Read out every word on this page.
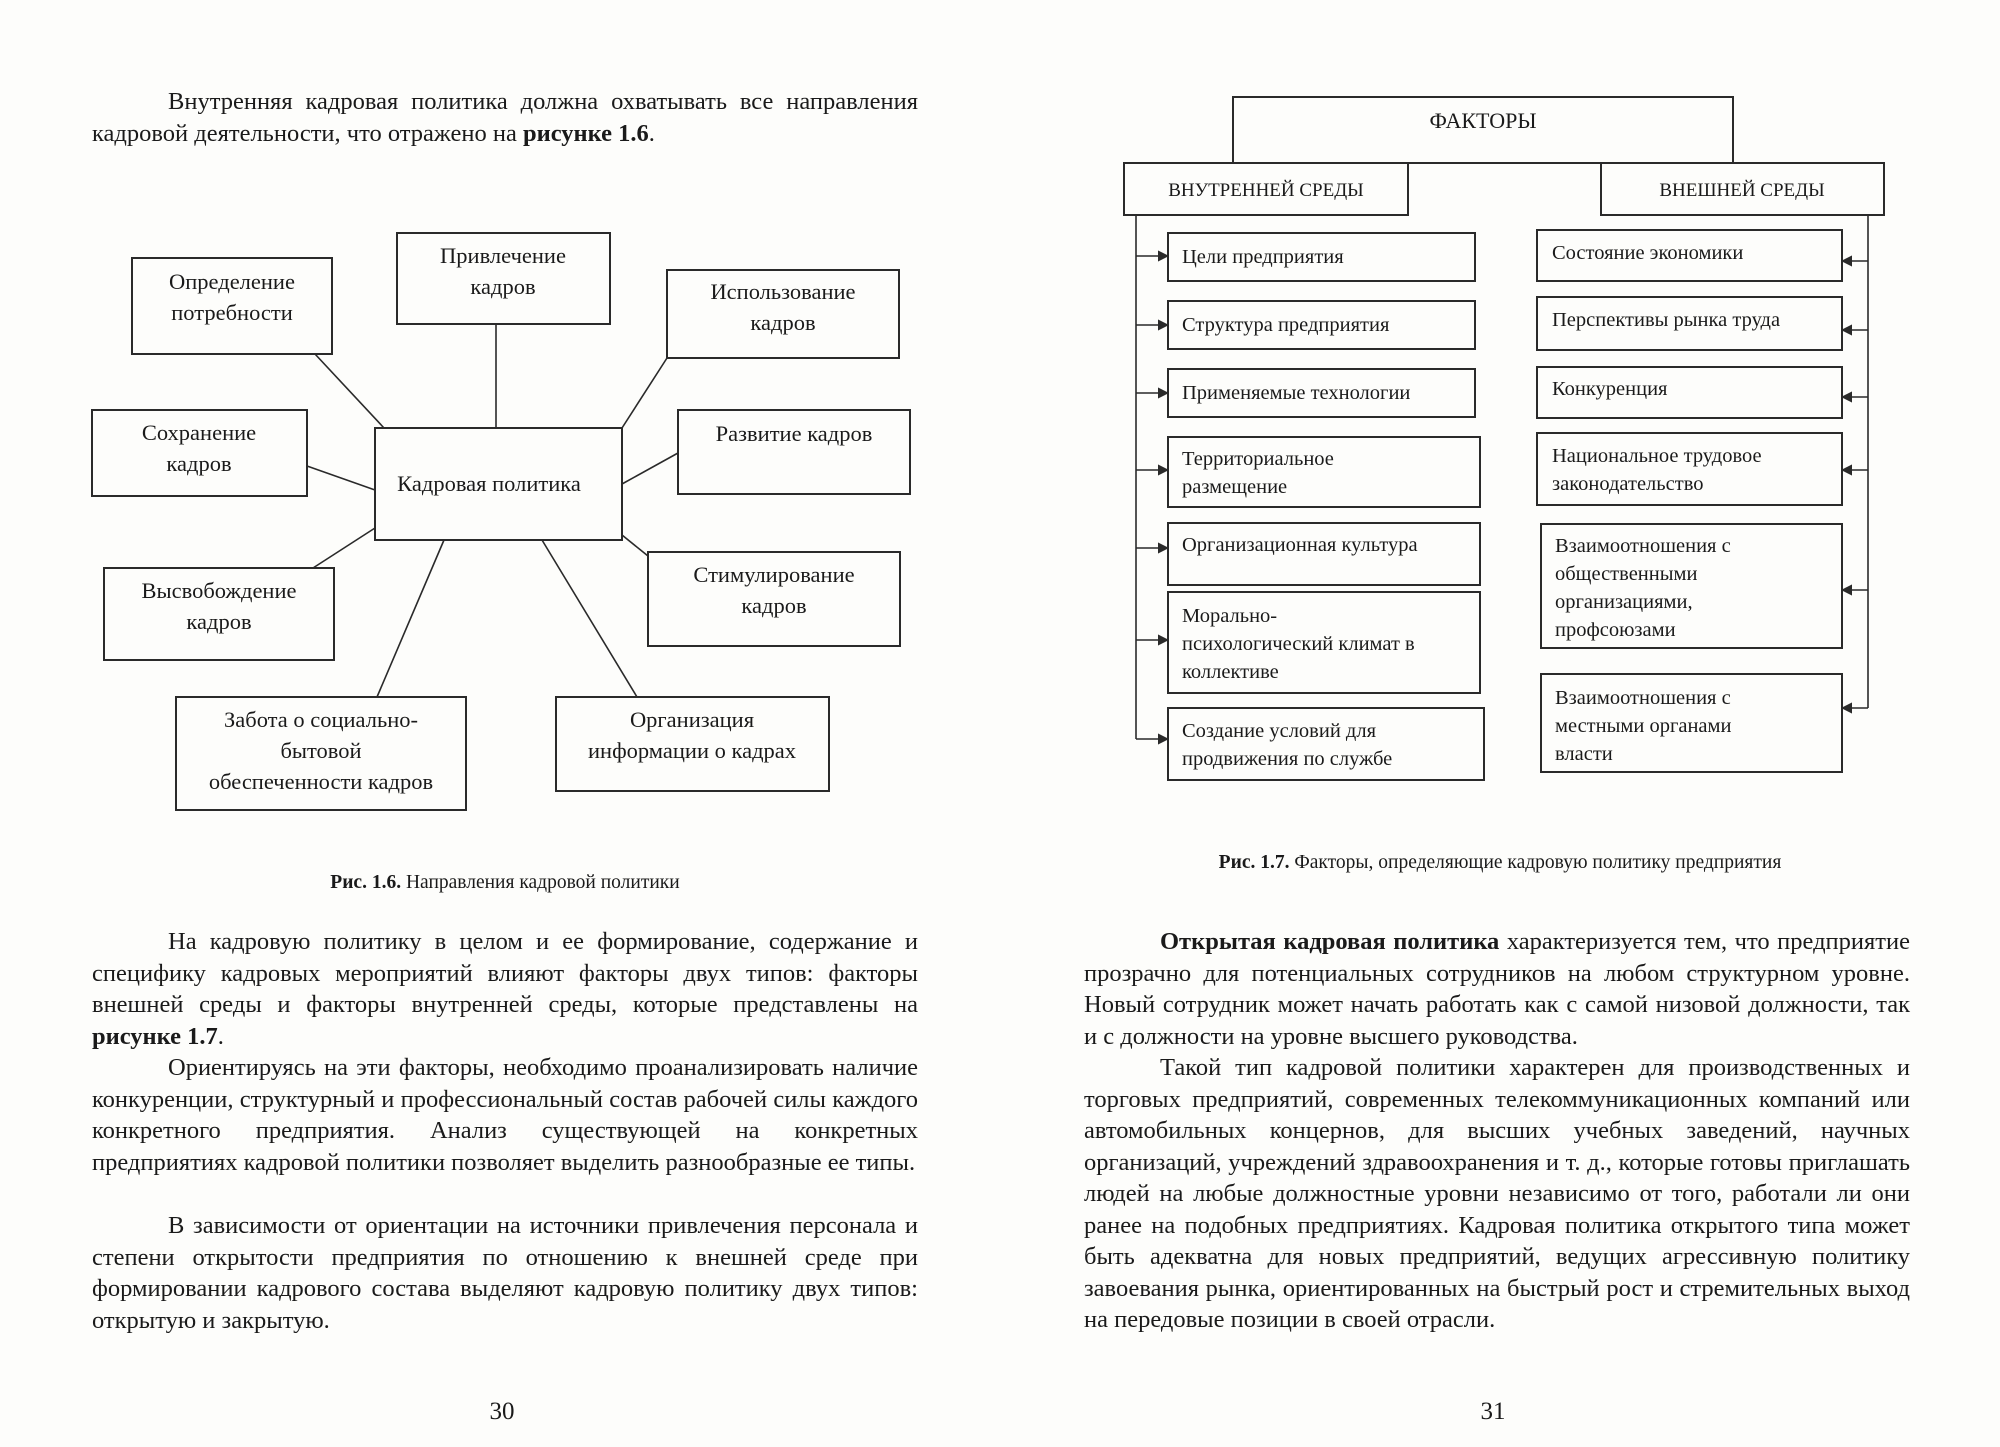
Внутренняя кадровая политика должна охватывать все направления кадровой деятельности, что отражено на рисунке 1.6.

Кадровая политика
Определение
потребности
Привлечение
кадров	Использование
кадров
Сохранение
кадров
Развитие кадров
Высвобождение
кадров
Стимулирование
кадров
Забота о социально-
бытовой
обеспеченности кадров
Организация
информации о кадрах

Рис. 1.6. Направления кадровой политики

На кадровую политику в целом и ее формирование, содержание и специфику кадровых мероприятий влияют факторы двух типов: факторы внешней среды и факторы внутренней среды, которые представлены на рисунке 1.7.

Ориентируясь на эти факторы, необходимо проанализировать наличие конкуренции, структурный и профессиональный состав рабочей силы каждого конкретного предприятия. Анализ существующей на конкретных предприятиях кадровой политики позволяет выделить разнообразные ее типы.

В зависимости от ориентации на источники привлечения персонала и степени открытости предприятия по отношению к внешней среде при формировании кадрового состава выделяют кадровую политику двух типов: открытую и закрытую.

30

ФАКТОРЫ
ВНУТРЕННЕЙ СРЕДЫ	ВНЕШНЕЙ СРЕДЫ
Цели предприятия
Структура предприятия
Применяемые технологии
Территориальное
размещение
Организационная культура
Морально-
психологический климат в
коллективе
Создание условий для
продвижения по службе
Состояние экономики
Перспективы рынка труда
Конкуренция
Национальное трудовое
законодательство
Взаимоотношения с
общественными
организациями,
профсоюзами
Взаимоотношения с
местными органами
власти

Рис. 1.7. Факторы, определяющие кадровую политику предприятия

Открытая кадровая политика характеризуется тем, что предприятие прозрачно для потенциальных сотрудников на любом структурном уровне. Новый сотрудник может начать работать как с самой низовой должности, так и с должности на уровне высшего руководства.

Такой тип кадровой политики характерен для производственных и торговых предприятий, современных телекоммуникационных компаний или автомобильных концернов, для высших учебных заведений, научных организаций, учреждений здравоохранения и т. д., которые готовы приглашать людей на любые должностные уровни независимо от того, работали ли они ранее на подобных предприятиях. Кадровая политика открытого типа может быть адекватна для новых предприятий, ведущих агрессивную политику завоевания рынка, ориентированных на быстрый рост и стремительных выход на передовые позиции в своей отрасли.

31
